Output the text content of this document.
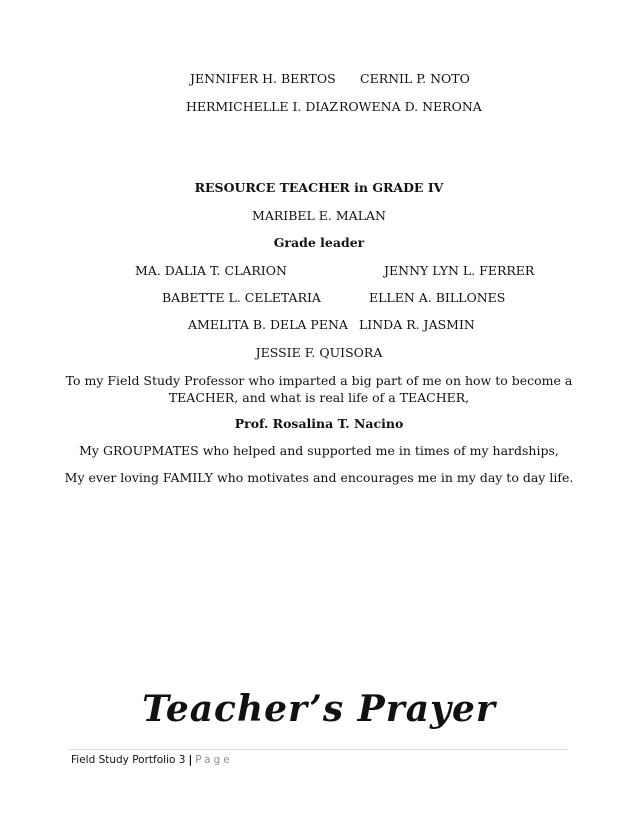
JENNIFER H. BERTOS CERNIL P. NOTO
HERMICHELLE I. DIAZ ROWENA D. NERONA
RESOURCE TEACHER in GRADE IV
MARIBEL E. MALAN
Grade leader
MA. DALIA T. CLARION	JENNY LYN L. FERRER
BABETTE L. CELETARIA	ELLEN A. BILLONES
AMELITA B. DELA PENA LINDA R. JASMIN
JESSIE F. QUISORA
To my Field Study Professor who imparted a big part of me on how to become a TEACHER, and what is real life of a TEACHER,
Prof. Rosalina T. Nacino
My GROUPMATES who helped and supported me in times of my hardships,
My ever loving FAMILY who motivates and encourages me in my day to day life.
Teacher’s Prayer
Field Study Portfolio 3 | Page
